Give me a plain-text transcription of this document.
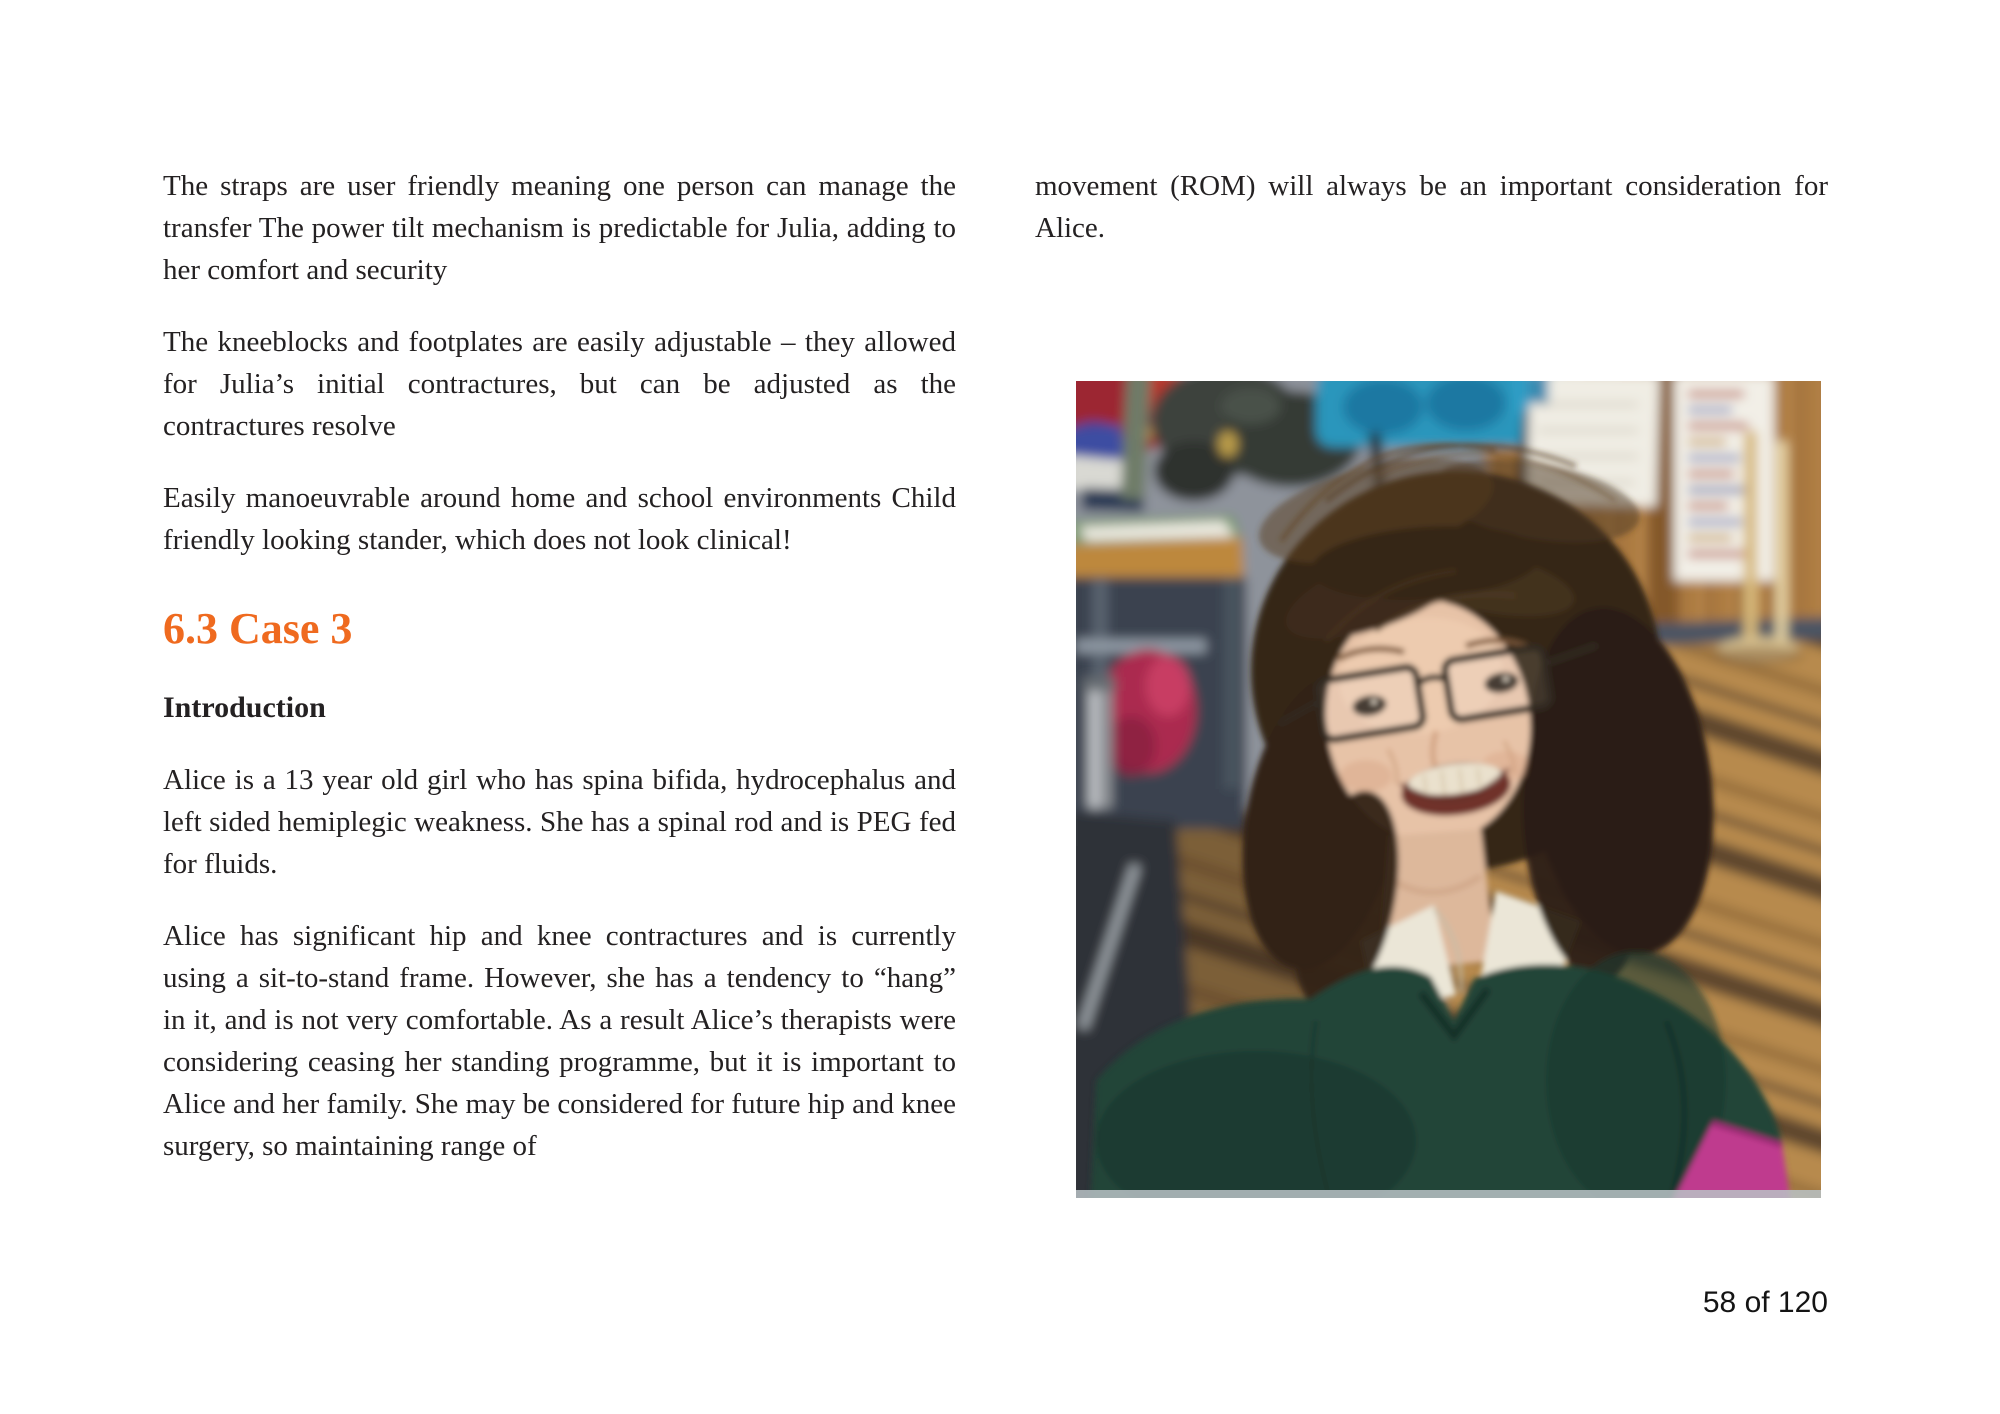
The straps are user friendly meaning one person can manage the transfer The power tilt mechanism is predictable for Julia, adding to her comfort and security

The kneeblocks and footplates are easily adjustable – they allowed for Julia’s initial contractures, but can be adjusted as the contractures resolve

Easily manoeuvrable around home and school environments Child friendly looking stander, which does not look clinical!

6.3 Case 3
Introduction

Alice is a 13 year old girl who has spina bifida, hydrocephalus and left sided hemiplegic weakness. She has a spinal rod and is PEG fed for fluids.

Alice has significant hip and knee contractures and is currently using a sit-to-stand frame. However, she has a tendency to “hang” in it, and is not very comfortable. As a result Alice’s therapists were considering ceasing her standing programme, but it is important to Alice and her family. She may be considered for future hip and knee surgery, so maintaining range of

movement (ROM) will always be an important consideration for Alice.

58 of 120
